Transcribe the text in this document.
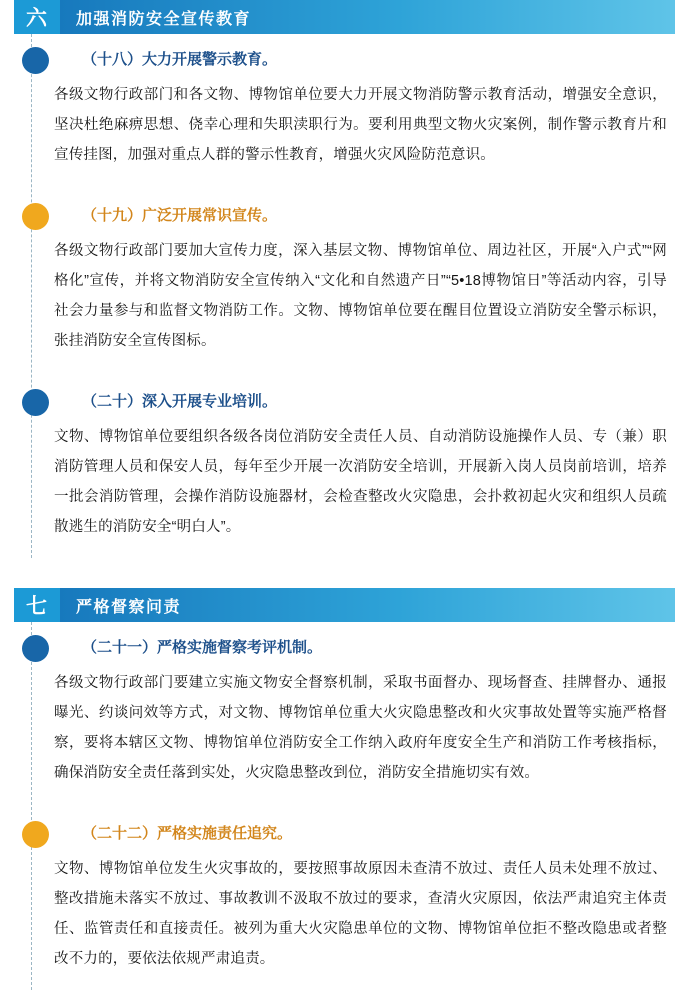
六	加强消防安全宣传教育
（十八）大力开展警示教育。

各级文物行政部门和各文物、博物馆单位要大力开展文物消防警示教育活动，增强安全意识，坚决杜绝麻痹思想、侥幸心理和失职渎职行为。要利用典型文物火灾案例，制作警示教育片和宣传挂图，加强对重点人群的警示性教育，增强火灾风险防范意识。

（十九）广泛开展常识宣传。

各级文物行政部门要加大宣传力度，深入基层文物、博物馆单位、周边社区，开展“入户式”“网格化”宣传，并将文物消防安全宣传纳入“文化和自然遗产日”“5•18博物馆日”等活动内容，引导社会力量参与和监督文物消防工作。文物、博物馆单位要在醒目位置设立消防安全警示标识，张挂消防安全宣传图标。

（二十）深入开展专业培训。

文物、博物馆单位要组织各级各岗位消防安全责任人员、自动消防设施操作人员、专（兼）职消防管理人员和保安人员，每年至少开展一次消防安全培训，开展新入岗人员岗前培训，培养一批会消防管理，会操作消防设施器材，会检查整改火灾隐患，会扑救初起火灾和组织人员疏散逃生的消防安全“明白人”。

七	严格督察问责
（二十一）严格实施督察考评机制。

各级文物行政部门要建立实施文物安全督察机制，采取书面督办、现场督查、挂牌督办、通报曝光、约谈问效等方式，对文物、博物馆单位重大火灾隐患整改和火灾事故处置等实施严格督察，要将本辖区文物、博物馆单位消防安全工作纳入政府年度安全生产和消防工作考核指标，确保消防安全责任落到实处，火灾隐患整改到位，消防安全措施切实有效。

（二十二）严格实施责任追究。

文物、博物馆单位发生火灾事故的，要按照事故原因未查清不放过、责任人员未处理不放过、整改措施未落实不放过、事故教训不汲取不放过的要求，查清火灾原因，依法严肃追究主体责任、监管责任和直接责任。被列为重大火灾隐患单位的文物、博物馆单位拒不整改隐患或者整改不力的，要依法依规严肃追责。
